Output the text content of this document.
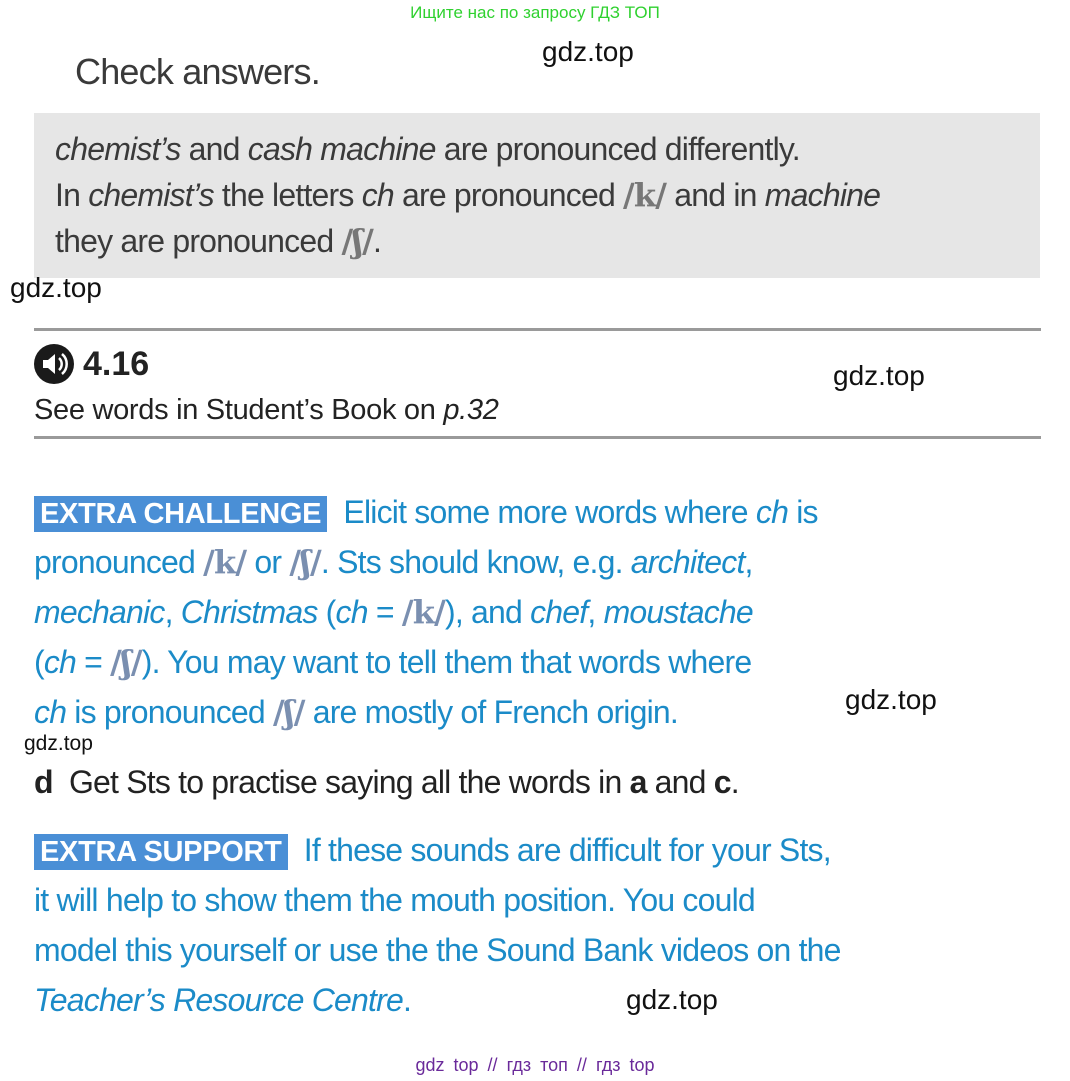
Ищите нас по запросу ГДЗ ТОП
gdz.top
Check answers.
chemist’s and cash machine are pronounced differently.
In chemist’s the letters ch are pronounced /k/ and in machine
they are pronounced /ʃ/.
gdz.top
4.16	gdz.top
See words in Student’s Book on p.32
EXTRA CHALLENGE Elicit some more words where ch is
pronounced /k/ or /ʃ/. Sts should know, e.g. architect,
mechanic, Christmas (ch = /k/), and chef, moustache
(ch = /ʃ/). You may want to tell them that words where
ch is pronounced /ʃ/ are mostly of French origin.	gdz.top
gdz.top
d Get Sts to practise saying all the words in a and c.
EXTRA SUPPORT If these sounds are difficult for your Sts,
it will help to show them the mouth position. You could
model this yourself or use the the Sound Bank videos on the
Teacher’s Resource Centre.	gdz.top
gdz top // гдз топ // гдз top
